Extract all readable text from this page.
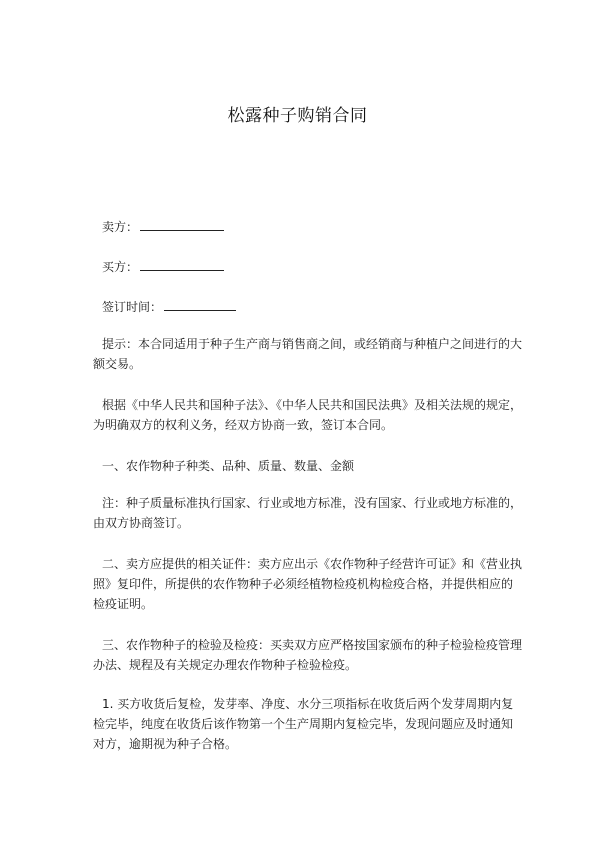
松露种子购销合同
卖方：
买方：
签订时间：
提示：本合同适用于种子生产商与销售商之间，或经销商与种植户之间进行的大额交易。
根据《中华人民共和国种子法》、《中华人民共和国民法典》及相关法规的规定，为明确双方的权利义务，经双方协商一致，签订本合同。
一、农作物种子种类、品种、质量、数量、金额
注：种子质量标准执行国家、行业或地方标准，没有国家、行业或地方标准的，由双方协商签订。
二、卖方应提供的相关证件：卖方应出示《农作物种子经营许可证》和《营业执照》复印件，所提供的农作物种子必须经植物检疫机构检疫合格，并提供相应的检疫证明。
三、农作物种子的检验及检疫：买卖双方应严格按国家颁布的种子检验检疫管理办法、规程及有关规定办理农作物种子检验检疫。
1. 买方收货后复检，发芽率、净度、水分三项指标在收货后两个发芽周期内复检完毕，纯度在收货后该作物第一个生产周期内复检完毕，发现问题应及时通知对方，逾期视为种子合格。
